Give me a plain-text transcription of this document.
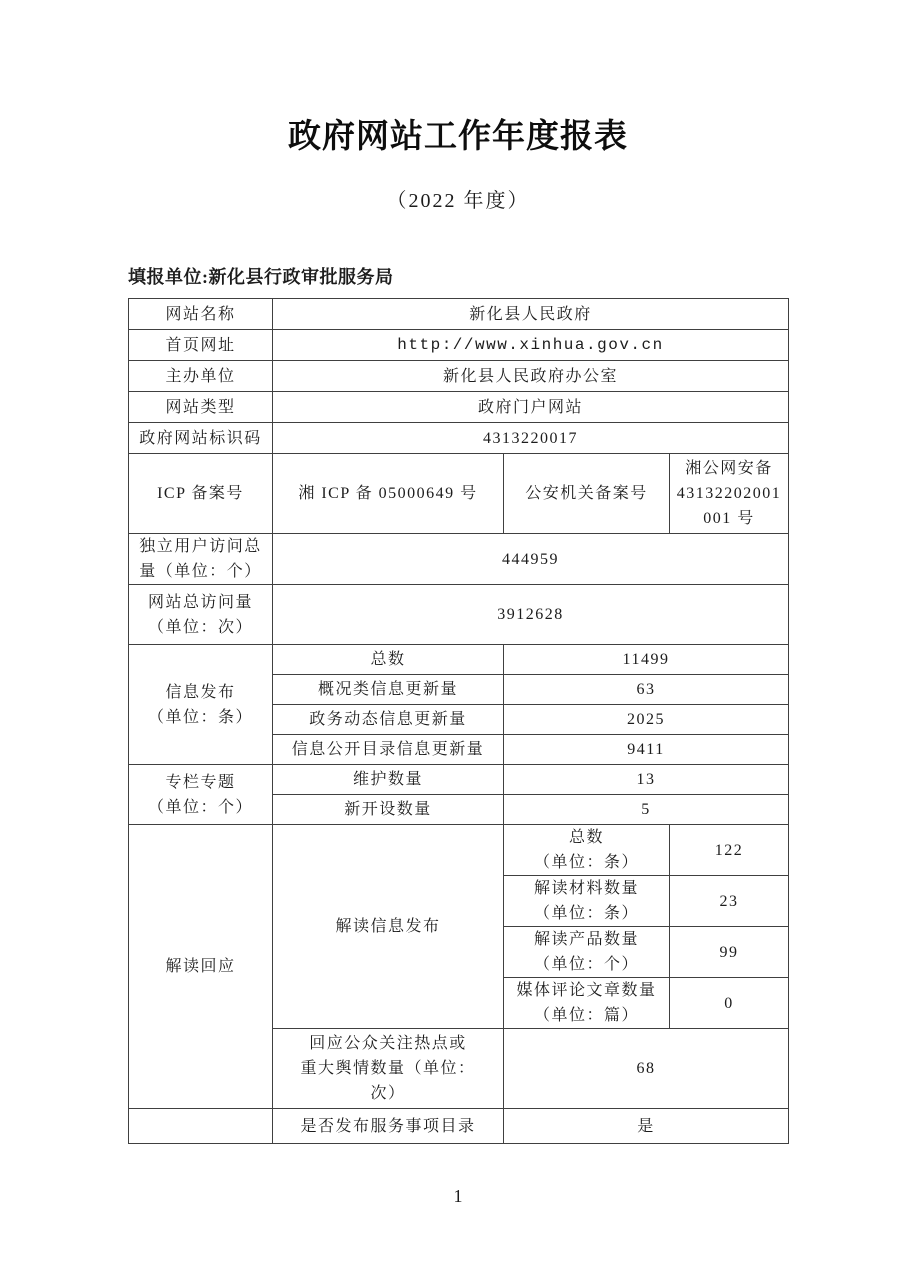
政府网站工作年度报表
（2022 年度）
填报单位:新化县行政审批服务局
网站名称	新化县人民政府		
首页网址	http://www.xinhua.gov.cn		
主办单位	新化县人民政府办公室		
网站类型	政府门户网站		
政府网站标识码	4313220017		
ICP 备案号	湘 ICP 备 05000649 号	公安机关备案号	湘公网安备
43132202001
001 号

独立用户访问总
量（单位：个）	444959		

网站总访问量
（单位：次）	3912628		

信息发布
（单位：条）	总数	11499	
	概况类信息更新量	63	
	政务动态信息更新量	2025	
	信息公开目录信息更新量	9411	

专栏专题
（单位：个）	维护数量	13	
	新开设数量	5	
解读回应	解读信息发布	总数
（单位：条）	122

		解读材料数量
（单位：条）	23

		解读产品数量
（单位：个）	99

		媒体评论文章数量
（单位：篇）	0

	回应公众关注热点或
重大舆情数量（单位：
次）	68	
	是否发布服务事项目录	是	
1
